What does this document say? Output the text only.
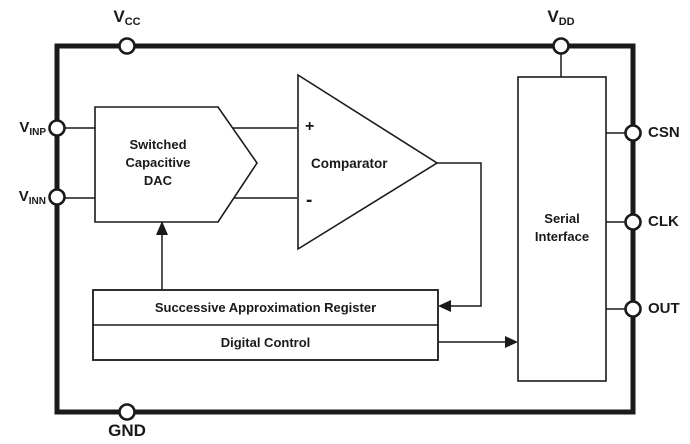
$V_{CC}$	$V_{DD}$
GND
$V_{INP}$
$V_{INN}$
CSN
CLK
OUT
Switched
Capacitive
DAC
+
-
Comparator
Successive Approximation Register
Digital Control
Serial
Interface
